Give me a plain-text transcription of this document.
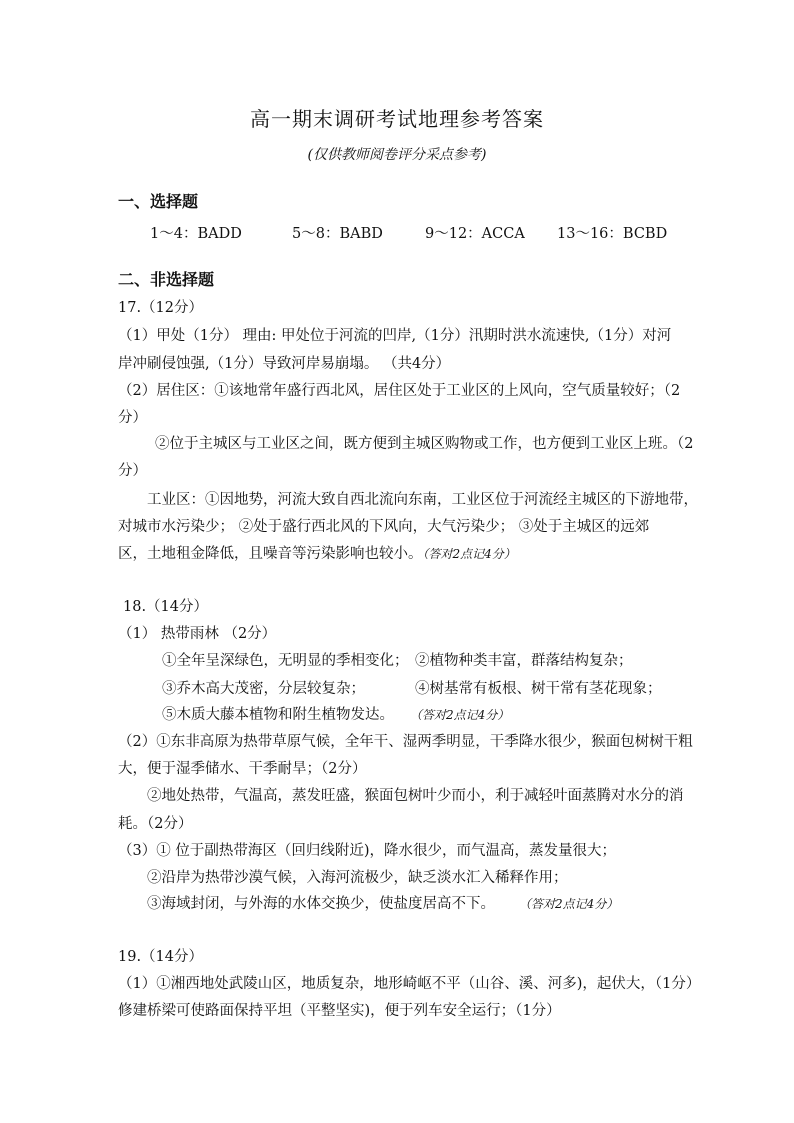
高一期末调研考试地理参考答案
(仅供教师阅卷评分采点参考)
一、选择题
1～4：BADD	5～8：BABD	9～12：ACCA 13～16：BCBD
二、非选择题
17.（12分）
（1）甲处（1分） 理由: 甲处位于河流的凹岸,（1分）汛期时洪水流速快,（1分）对河
岸冲刷侵蚀强,（1分）导致河岸易崩塌。 （共4分）
（2）居住区：①该地常年盛行西北风，居住区处于工业区的上风向，空气质量较好；（2
分）
②位于主城区与工业区之间，既方便到主城区购物或工作，也方便到工业区上班。（2
分）
工业区：①因地势，河流大致自西北流向东南，工业区位于河流经主城区的下游地带，
对城市水污染少； ②处于盛行西北风的下风向，大气污染少； ③处于主城区的远郊
区，土地租金降低，且噪音等污染影响也较小。（答对2点记4分）
18.（14分）
（1） 热带雨林 （2分）
①全年呈深绿色，无明显的季相变化； ②植物种类丰富，群落结构复杂；
③乔木高大茂密，分层较复杂；	④树基常有板根、树干常有茎花现象；
⑤木质大藤本植物和附生植物发达。 （答对2点记4分）
（2）①东非高原为热带草原气候，全年干、湿两季明显，干季降水很少，猴面包树树干粗
大，便于湿季储水、干季耐旱；（2分）
②地处热带，气温高，蒸发旺盛，猴面包树叶少而小，利于减轻叶面蒸腾对水分的消
耗。（2分）
（3）① 位于副热带海区（回归线附近)，降水很少，而气温高，蒸发量很大；
②沿岸为热带沙漠气候，入海河流极少，缺乏淡水汇入稀释作用；
③海域封闭，与外海的水体交换少，使盐度居高不下。	（答对2点记4分）
19.（14分）
（1）①湘西地处武陵山区，地质复杂，地形崎岖不平（山谷、溪、河多)，起伏大，（1分）
修建桥梁可使路面保持平坦（平整坚实)，便于列车安全运行；（1分）
